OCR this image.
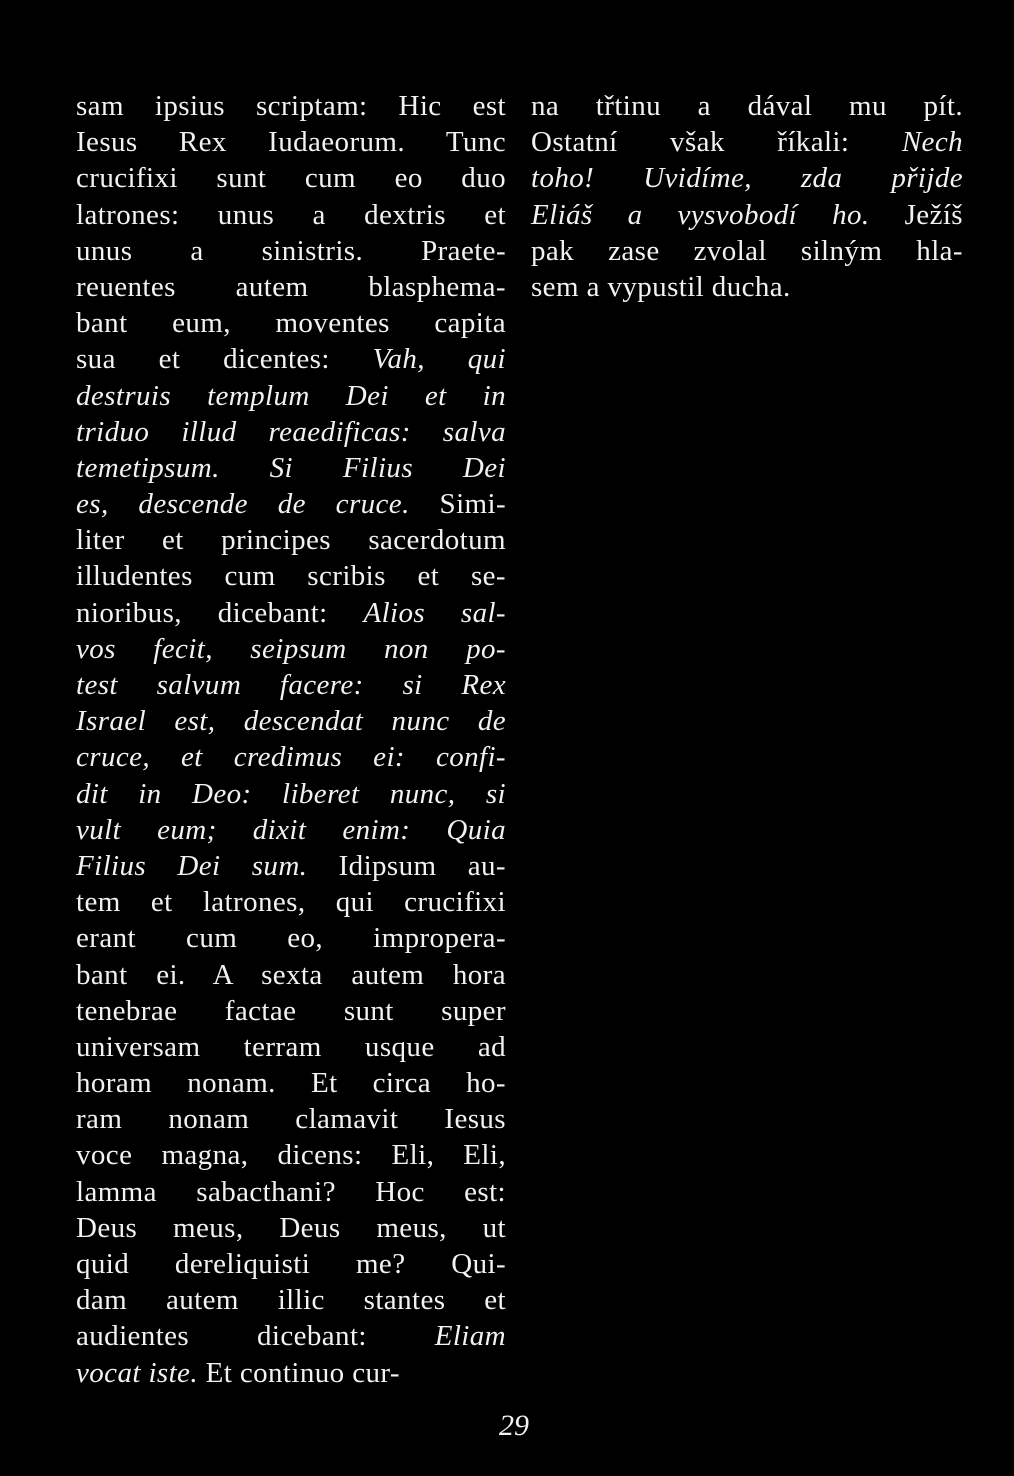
sam ipsius scriptam: Hic est
Iesus Rex Iudaeorum. Tunc
crucifixi sunt cum eo duo
latrones: unus a dextris et
unus a sinistris. Praete-
reuentes autem blasphema-
bant eum, moventes capita
sua et dicentes: Vah, qui
destruis templum Dei et in
triduo illud reaedificas: salva
temetipsum. Si Filius Dei
es, descende de cruce. Simi-
liter et principes sacerdotum
illudentes cum scribis et se-
nioribus, dicebant: Alios sal-
vos fecit, seipsum non po-
test salvum facere: si Rex
Israel est, descendat nunc de
cruce, et credimus ei: confi-
dit in Deo: liberet nunc, si
vult eum; dixit enim: Quia
Filius Dei sum. Idipsum au-
tem et latrones, qui crucifixi
erant cum eo, impropera-
bant ei. A sexta autem hora
tenebrae factae sunt super
universam terram usque ad
horam nonam. Et circa ho-
ram nonam clamavit Iesus
voce magna, dicens: Eli, Eli,
lamma sabacthani? Hoc est:
Deus meus, Deus meus, ut
quid dereliquisti me? Qui-
dam autem illic stantes et
audientes dicebant: Eliam
vocat iste. Et continuo cur-
na třtinu a dával mu pít.
Ostatní však říkali: Nech
toho! Uvidíme, zda přijde
Eliáš a vysvobodí ho. Ježíš
pak zase zvolal silným hla-
sem a vypustil ducha.
29
